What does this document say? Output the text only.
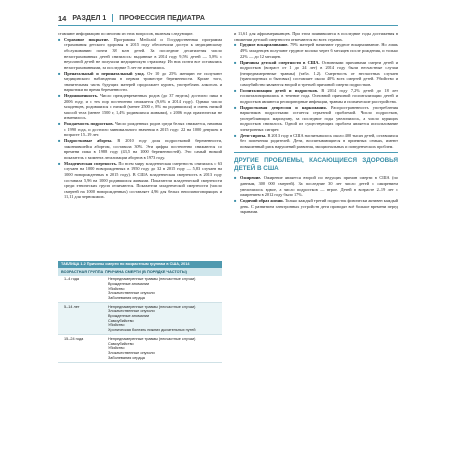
14 РАЗДЕЛ 1 ПРОФЕССИЯ ПЕДИАТРА

ставляют информацию по многим из этих вопросов, включая следующие.

■ Страховое покрытие. Программы Medicaid и Государственная программа страхования детского здоровья в 2015 году обеспечили доступ к медицинскому обслуживанию почти 38 млн детей. За последние десятилетия число незастрахованных детей снизилось: выданные в 2014 году 9,5% детей — 5,8% с неуплатой детей не получили медицинскую страховку. Из них почти все оставались незастрахованными, за последние 5 лет не изменились.

■ Пренатальный и перинатальный уход. От 10 до 25% женщин не получают медицинского наблюдения в первом триместре беременности. Кроме того, значительная часть будущих матерей продолжает курить, употреблять алкоголь и наркотики во время беременности.

■ Недоношенность. Число преждевременных родов (до 37 недель) достигло пика в 2006 году, и с тех пор постепенно снижается (9,6% в 2014 году). Однако число младенцев, родившихся с низкой (менее 2500 г, 8% на родившихся) и очень низкой массой тела (менее 1500 г, 1,4% родившихся живыми), с 2006 года практически не изменилось.

■ Рождаемость подростков. Число рожденных родов среди белых снижается, начиная с 1990 года, и достигло минимального значения в 2015 году: 22 на 1000 девушек в возрасте 15–19 лет.

■ Подростковые аборты. В 2010 году доля подростковой беременности, закончившейся абортом, составила 30%. Эти цифры постепенно снижаются со времени пика в 1988 году (43,5 на 1000 беременностей). Это самый низкий показатель с момента легализации абортов в 1973 году.

■ Младенческая смертность. По всем миру младенческая смертность снизилась с 63 случаев на 1000 новорожденных в 1950 году до 32 в 2015 году — 5,83 случаев на 1000 новорожденных в 2015 году). В США младенческая смертность в 2013 году составила 5,96 на 1000 родившихся живыми. Показатели младенческой смертности среди этнических групп отличаются. Показатели младенческой смертности (число смертей на 1000 новорожденных) составляет 4,96 для белых неиспаноговорящих и 11,11 для чернокожих.

ТАБЛИЦА 1.2 Причины смерти по возрастным группам в США, 2014
ВОЗРАСТНАЯ ГРУППА ПРИЧИНА СМЕРТИ (В ПОРЯДКЕ ЧАСТОТЫ)
1–4 года	Непреднамеренные травмы (несчастные случаи)
Врожденные аномалии
Убийство
Злокачественные опухоли
Заболевания сердца
5–14 лет	Непреднамеренные травмы (несчастные случаи)
Злокачественные опухоли
Врожденные аномалии
Самоубийство
Убийство
Хроническая болезнь нижних дыхательных путей
15–24 года	Непреднамеренные травмы (несчастные случаи)
Самоубийство
Убийство
Злокачественные опухоли
Заболевания сердца

и 11,61 для афроамериканцев. При этом появившиеся в последние годы достижения в снижении детской смертности отмечаются во всех странах.

■ Грудное вскармливание. 79% матерей начинают грудное вскармливание. Но лишь 49% младенцев получают грудное молоко через 6 месяцев после рождения, и только 22% — до 12 месяцев.

■ Причины детской смертности в США. Основными причинами смерти детей и подростков (возраст от 1 до 24 лет) в 2014 году были несчастные случаи (непреднамеренные травмы) (табл. 1.2). Смертность от несчастных случаев (транспортных и бытовых) составляет около 40% всех смертей детей. Убийство и самоубийство являются второй и третьей причиной смерти подростков.

■ Госпитализация детей и подростков. В 2014 году 7,2% детей до 18 лет госпитализировались в течение года. Основной причиной госпитализации детей и подростков являются респираторные инфекции, травмы и психические расстройства.

■ Подростковая депрессия и наркомания. Распространенность употребления наркотиков подростками остается серьезной проблемой. Число подростков, употребляющих марихуану, за последние годы увеличилось, а число курящих подростков снизилось. Одной из существующих проблем является использование электронных сигарет.

■ Дети-сироты. В 2013 году в США насчитывалось около 400 тысяч детей, оставшихся без попечения родителей. Дети, воспитывающиеся в приемных семьях, имеют повышенный риск нарушений развития, эмоциональных и поведенческих проблем.

ДРУГИЕ ПРОБЛЕМЫ, КАСАЮЩИЕСЯ ЗДОРОВЬЯ ДЕТЕЙ В США

■ Ожирение. Ожирение является второй по ведущих причин смерти в США (по данным, 300 000 смертей). За последние 30 лет число детей с ожирением увеличилось вдвое, а число подростков — втрое. Детей в возрасте 2–19 лет с ожирением в 2012 году было 17%.

■ Сидячий образ жизни. Только каждый третий подросток физически активен каждый день. С развитием электронных устройств дети проводят всё больше времени перед экранами.
